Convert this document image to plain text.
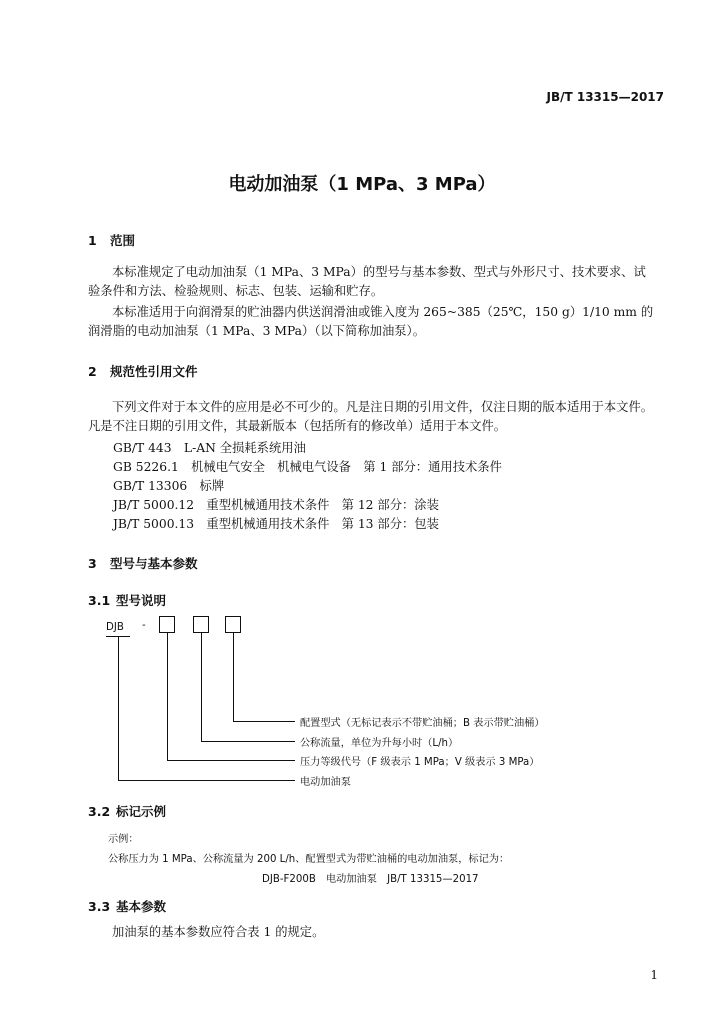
JB/T 13315—2017
电动加油泵（1 MPa、3 MPa）
1 范围
本标准规定了电动加油泵（1 MPa、3 MPa）的型号与基本参数、型式与外形尺寸、技术要求、试验条件和方法、检验规则、标志、包装、运输和贮存。
本标准适用于向润滑泵的贮油器内供送润滑油或锥入度为 265~385（25℃，150 g）1/10 mm 的润滑脂的电动加油泵（1 MPa、3 MPa）（以下简称加油泵）。
2 规范性引用文件
下列文件对于本文件的应用是必不可少的。凡是注日期的引用文件，仅注日期的版本适用于本文件。凡是不注日期的引用文件，其最新版本（包括所有的修改单）适用于本文件。
GB/T 443　 L-AN 全损耗系统用油
GB 5226.1　 机械电气安全　机械电气设备　第 1 部分：通用技术条件
GB/T 13306　 标牌
JB/T 5000.12　 重型机械通用技术条件　第 12 部分：涂装
JB/T 5000.13　 重型机械通用技术条件　第 13 部分：包装
3 型号与基本参数
3.1 型号说明
DJB -
配置型式（无标记表示不带贮油桶；B 表示带贮油桶）
公称流量，单位为升每小时（L/h）
压力等级代号（F 级表示 1 MPa；V 级表示 3 MPa）
电动加油泵
3.2 标记示例
示例：
公称压力为 1 MPa、公称流量为 200 L/h、配置型式为带贮油桶的电动加油泵，标记为：
DJB-F200B　电动加油泵　JB/T 13315—2017
3.3 基本参数
加油泵的基本参数应符合表 1 的规定。
1
